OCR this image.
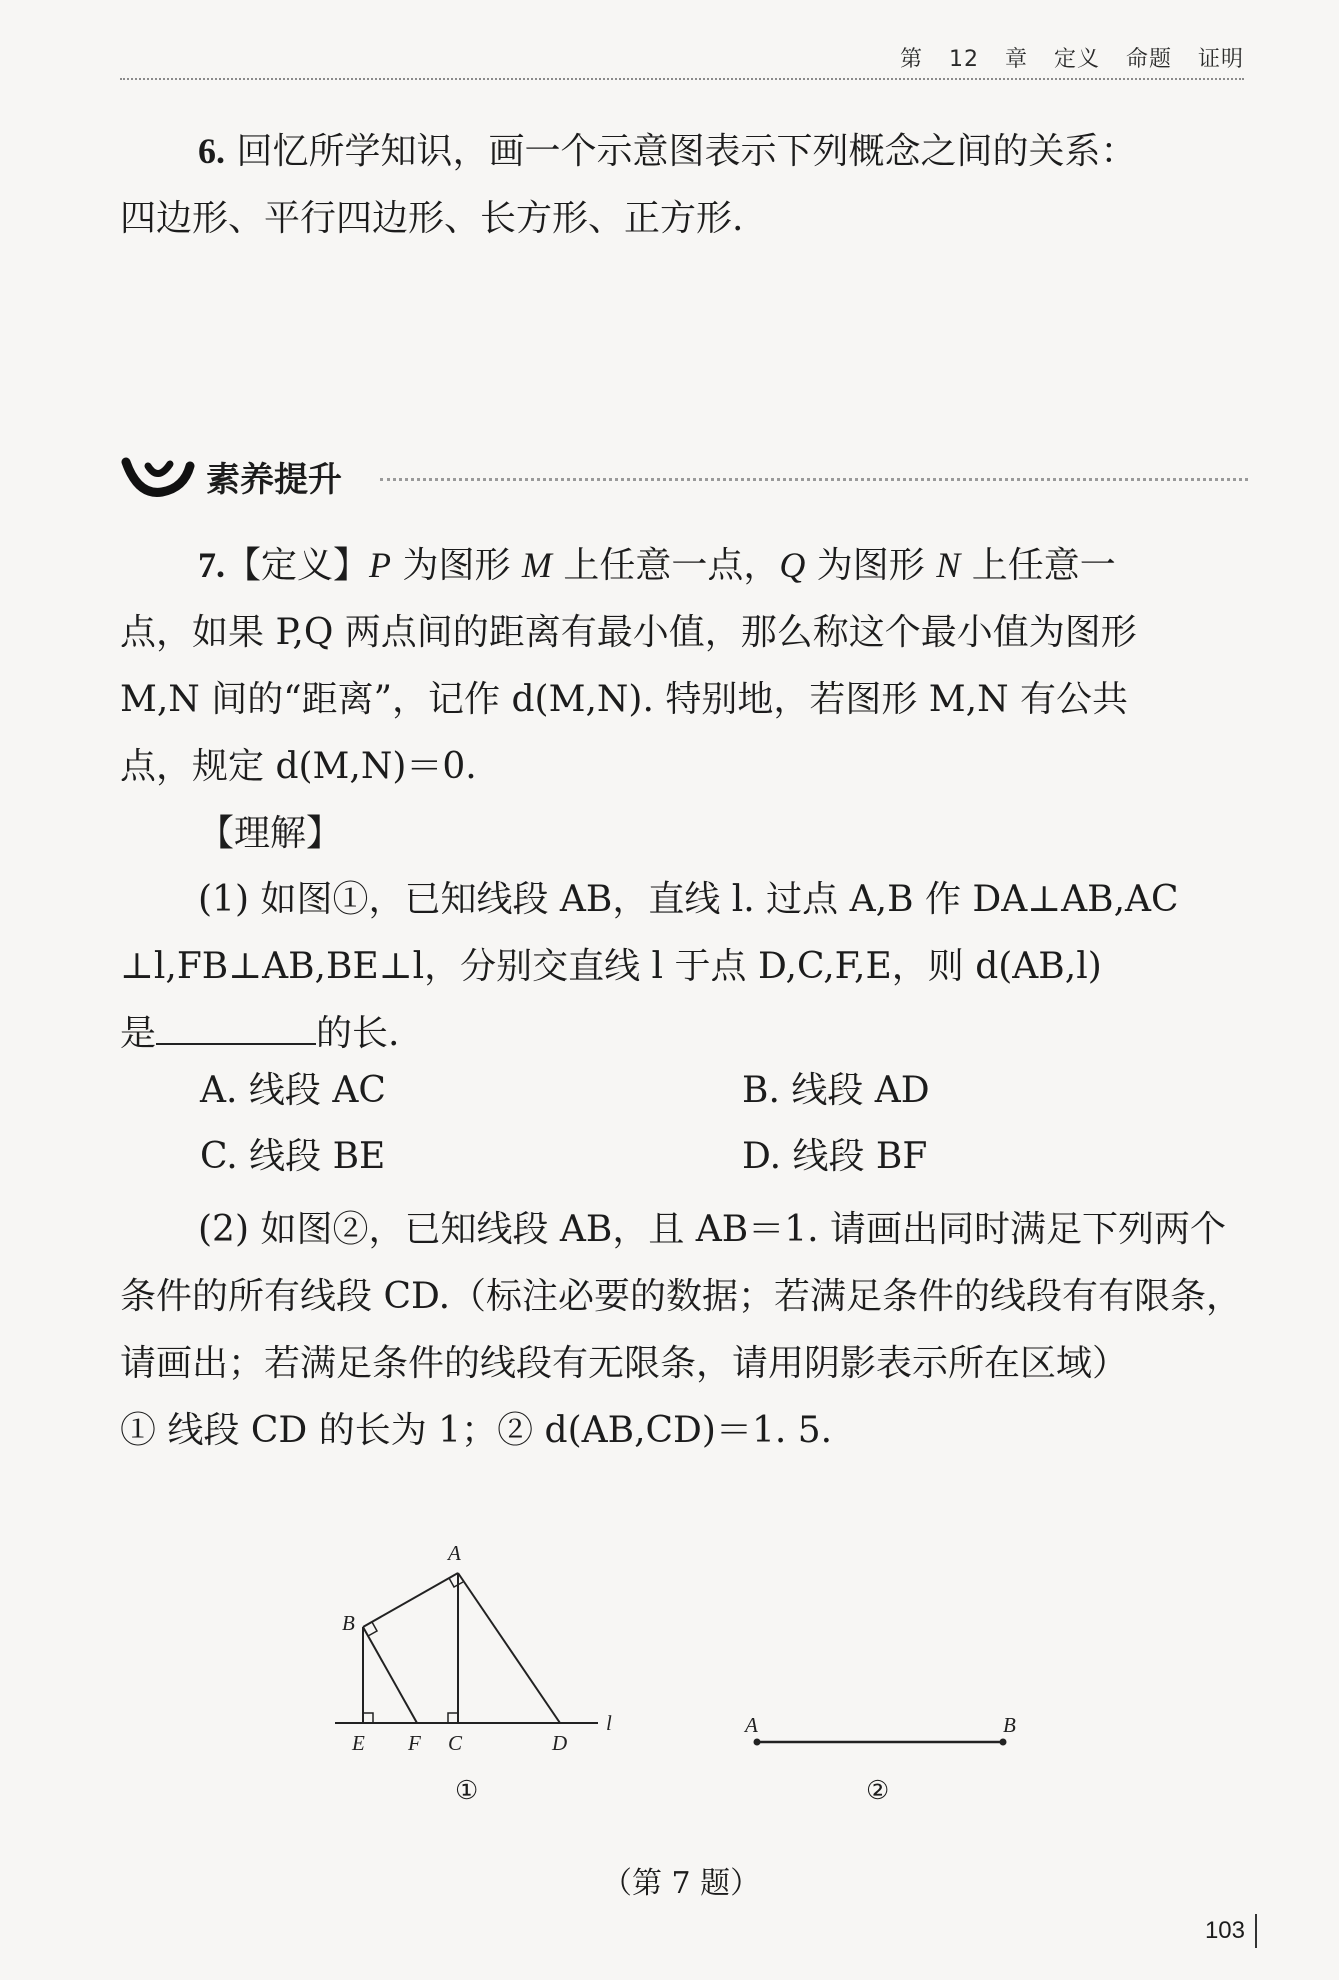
第 12 章 定义 命题 证明

6. 回忆所学知识，画一个示意图表示下列概念之间的关系：
四边形、平行四边形、长方形、正方形.

素养提升

7.【定义】P 为图形 M 上任意一点，Q 为图形 N 上任意一
点，如果 P,Q 两点间的距离有最小值，那么称这个最小值为图形
M,N 间的“距离”，记作 d(M,N). 特别地，若图形 M,N 有公共
点，规定 d(M,N)＝0.

【理解】

(1) 如图①，已知线段 AB，直线 l. 过点 A,B 作 DA⊥AB,AC
⊥l,FB⊥AB,BE⊥l，分别交直线 l 于点 D,C,F,E，则 d(AB,l)
是	的长.

A. 线段 AC	B. 线段 AD
C. 线段 BE	D. 线段 BF

(2) 如图②，已知线段 AB，且 AB＝1. 请画出同时满足下列两个
条件的所有线段 CD.（标注必要的数据；若满足条件的线段有有限条，
请画出；若满足条件的线段有无限条，请用阴影表示所在区域）
① 线段 CD 的长为 1；② d(AB,CD)＝1. 5.

A
B
E F C	D
l
①
A	B
②
（第 7 题）
103
